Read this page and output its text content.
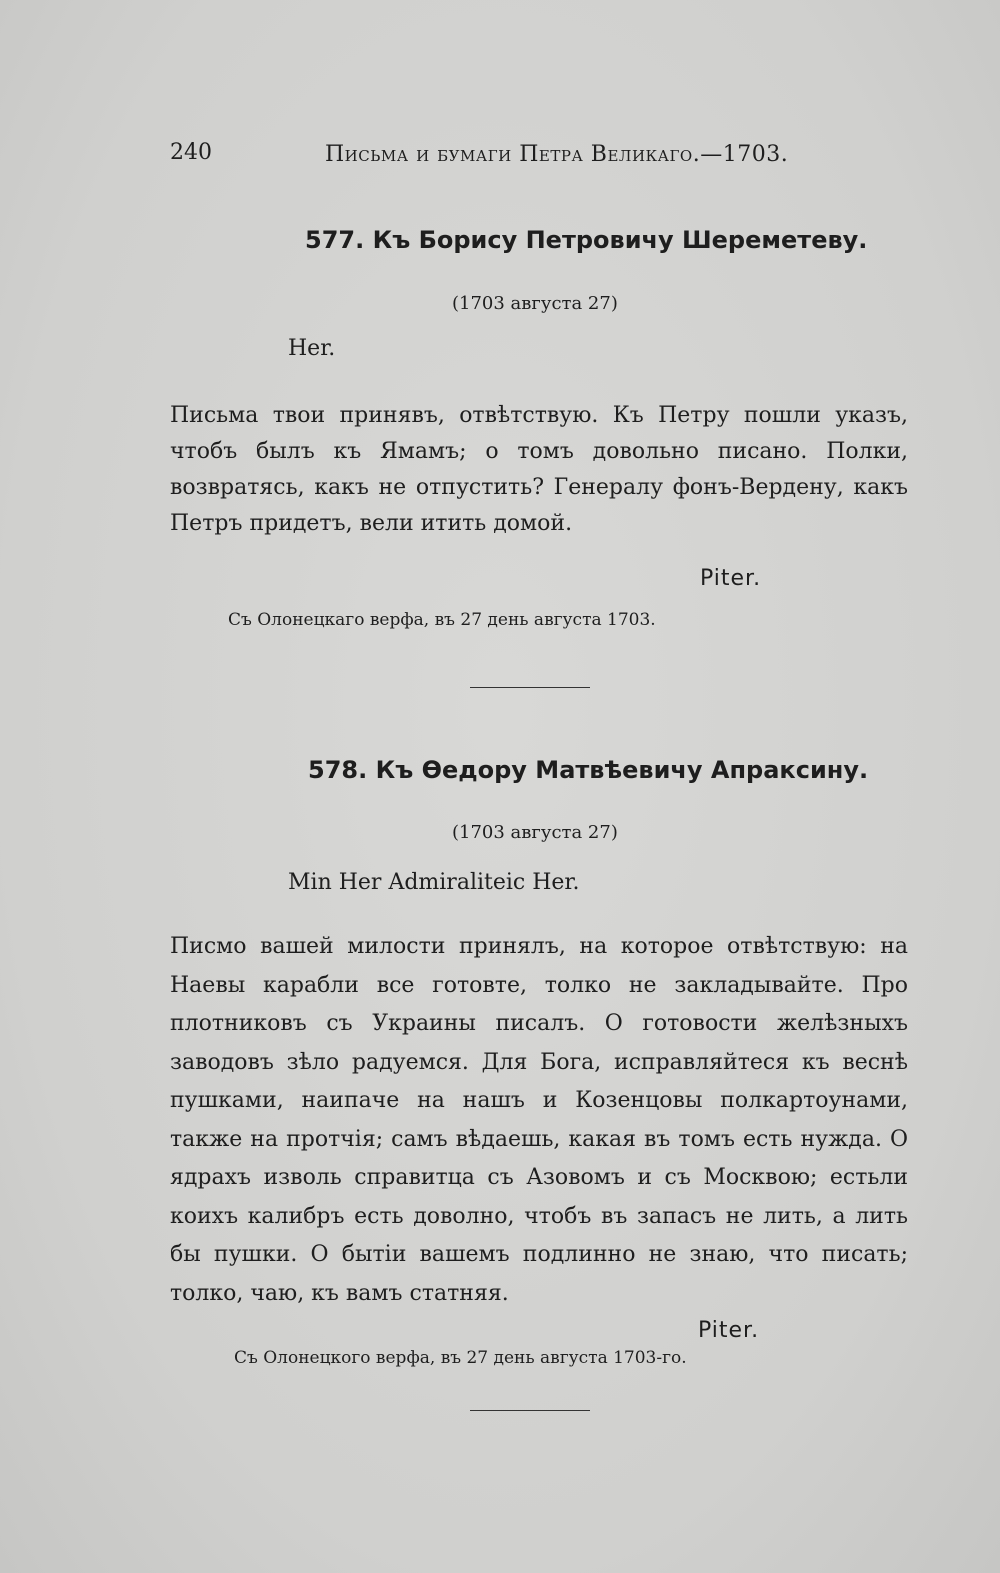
240	Письма и бумаги Петра Великаго.—1703.
577. Къ Борису Петровичу Шереметеву.
(1703 августа 27)
Her.
Письма твои принявъ, отвѣтствую. Къ Петру пошли указъ, чтобъ былъ къ Ямамъ; о томъ довольно писано. Полки, возвратясь, какъ не отпустить? Генералу фонъ-Вердену, какъ Петръ придетъ, вели итить домой.
Piter.
Съ Олонецкаго верфа, въ 27 день августа 1703.
578. Къ Өедору Матвѣевичу Апраксину.
(1703 августа 27)
Min Her Admiraliteic Her.
Писмо вашей милости принялъ, на которое отвѣтствую: на Наевы карабли все готовте, толко не закладывайте. Про плотниковъ съ Украины писалъ. О готовости желѣзныхъ заводовъ зѣло радуемся. Для Бога, исправляйтеся къ веснѣ пушками, наипаче на нашъ и Козенцовы полкартоунами, также на протчія; самъ вѣдаешь, какая въ томъ есть нужда. О ядрахъ изволь справитца съ Азовомъ и съ Москвою; естьли коихъ калибръ есть доволно, чтобъ въ запасъ не лить, а лить бы пушки. О бытіи вашемъ подлинно не знаю, что писать; толко, чаю, къ вамъ статняя.
Piter.
Съ Олонецкого верфа, въ 27 день августа 1703-го.
